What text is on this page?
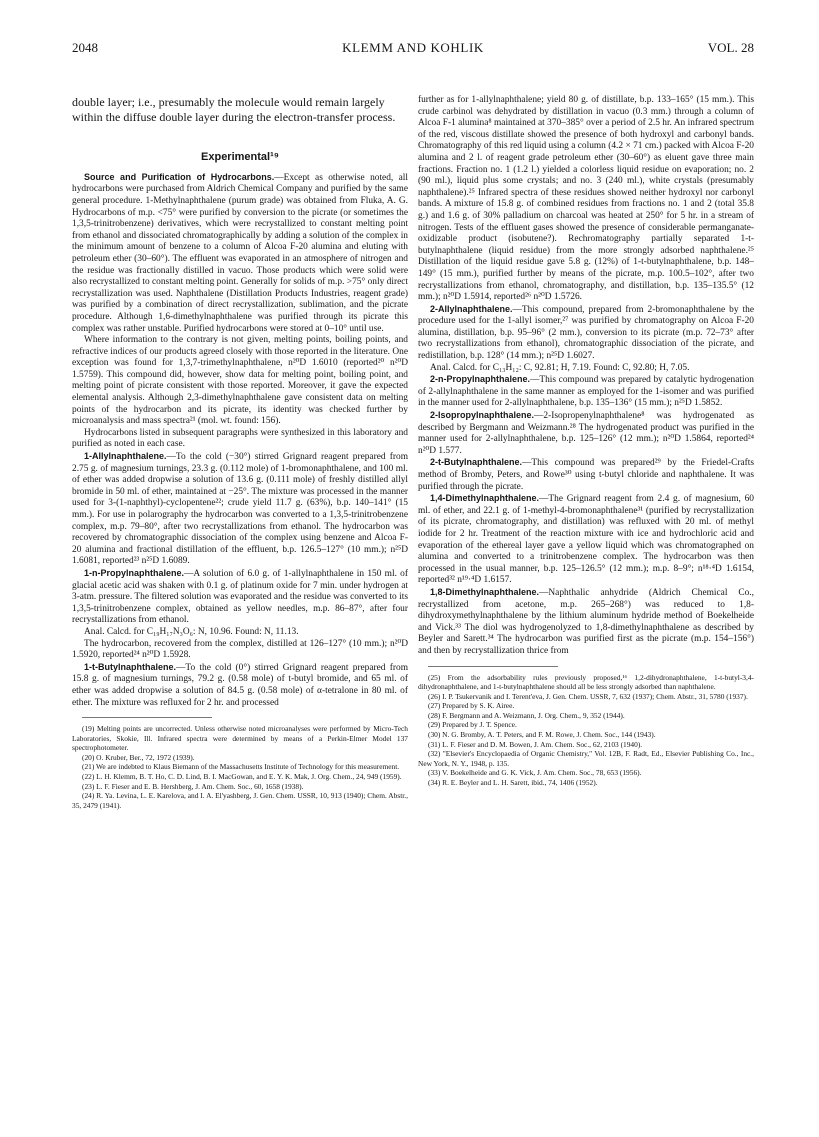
2048	KLEMM AND KOHLIK	VOL. 28

double layer; i.e., presumably the molecule would remain largely within the diffuse double layer during the electron-transfer process.

Experimental¹⁹

Source and Purification of Hydrocarbons.—Except as otherwise noted, all hydrocarbons were purchased from Aldrich Chemical Company and purified by the same general procedure. 1-Methylnaphthalene (purum grade) was obtained from Fluka, A. G. Hydrocarbons of m.p. <75° were purified by conversion to the picrate (or sometimes the 1,3,5-trinitrobenzene) derivatives, which were recrystallized to constant melting point from ethanol and dissociated chromatographically by adding a solution of the complex in the minimum amount of benzene to a column of Alcoa F-20 alumina and eluting with petroleum ether (30–60°). The effluent was evaporated in an atmosphere of nitrogen and the residue was fractionally distilled in vacuo. Those products which were solid were also recrystallized to constant melting point. Generally for solids of m.p. >75° only direct recrystallization was used. Naphthalene (Distillation Products Industries, reagent grade) was purified by a combination of direct recrystallization, sublimation, and the picrate procedure. Although 1,6-dimethylnaphthalene was purified through its picrate this complex was rather unstable. Purified hydrocarbons were stored at 0–10° until use.

Where information to the contrary is not given, melting points, boiling points, and refractive indices of our products agreed closely with those reported in the literature. One exception was found for 1,3,7-trimethylnaphthalene, n²⁰D 1.6010 (reported²⁰ n²⁰D 1.5759). This compound did, however, show data for melting point, boiling point, and melting point of picrate consistent with those reported. Moreover, it gave the expected elemental analysis. Although 2,3-dimethylnaphthalene gave consistent data on melting points of the hydrocarbon and its picrate, its identity was checked further by microanalysis and mass spectra²¹ (mol. wt. found: 156).

Hydrocarbons listed in subsequent paragraphs were synthesized in this laboratory and purified as noted in each case.

1-Allylnaphthalene.—To the cold (−30°) stirred Grignard reagent prepared from 2.75 g. of magnesium turnings, 23.3 g. (0.112 mole) of 1-bromonaphthalene, and 100 ml. of ether was added dropwise a solution of 13.6 g. (0.111 mole) of freshly distilled allyl bromide in 50 ml. of ether, maintained at −25°. The mixture was processed in the manner used for 3-(1-naphthyl)-cyclopentene²²; crude yield 11.7 g. (63%), b.p. 140–141° (15 mm.). For use in polarography the hydrocarbon was converted to a 1,3,5-trinitrobenzene complex, m.p. 79–80°, after two recrystallizations from ethanol. The hydrocarbon was recovered by chromatographic dissociation of the complex using benzene and Alcoa F-20 alumina and fractional distillation of the effluent, b.p. 126.5–127° (10 mm.); n²⁵D 1.6081, reported²³ n²⁵D 1.6089.

1-n-Propylnaphthalene.—A solution of 6.0 g. of 1-allylnaphthalene in 150 ml. of glacial acetic acid was shaken with 0.1 g. of platinum oxide for 7 min. under hydrogen at 3-atm. pressure. The filtered solution was evaporated and the residue was converted to its 1,3,5-trinitrobenzene complex, obtained as yellow needles, m.p. 86–87°, after four recrystallizations from ethanol.

Anal. Calcd. for C₁₉H₁₇N₃O₆: N, 10.96. Found: N, 11.13.

The hydrocarbon, recovered from the complex, distilled at 126–127° (10 mm.); n²⁰D 1.5920, reported²⁴ n²⁰D 1.5928.

1-t-Butylnaphthalene.—To the cold (0°) stirred Grignard reagent prepared from 15.8 g. of magnesium turnings, 79.2 g. (0.58 mole) of t-butyl bromide, and 65 ml. of ether was added dropwise a solution of 84.5 g. (0.58 mole) of α-tetralone in 80 ml. of ether. The mixture was refluxed for 2 hr. and processed

(19) Melting points are uncorrected. Unless otherwise noted microanalyses were performed by Micro-Tech Laboratories, Skokie, Ill. Infrared spectra were determined by means of a Perkin-Elmer Model 137 spectrophotometer.

(20) O. Kruber, Ber., 72, 1972 (1939).

(21) We are indebted to Klaus Biemann of the Massachusetts Institute of Technology for this measurement.

(22) L. H. Klemm, B. T. Ho, C. D. Lind, B. I. MacGowan, and E. Y. K. Mak, J. Org. Chem., 24, 949 (1959).

(23) L. F. Fieser and E. B. Hershberg, J. Am. Chem. Soc., 60, 1658 (1938).

(24) R. Ya. Levina, L. E. Karelova, and I. A. El'yashberg, J. Gen. Chem. USSR, 10, 913 (1940); Chem. Abstr., 35, 2479 (1941).

further as for 1-allylnaphthalene; yield 80 g. of distillate, b.p. 133–165° (15 mm.). This crude carbinol was dehydrated by distillation in vacuo (0.3 mm.) through a column of Alcoa F-1 alumina⁸ maintained at 370–385° over a period of 2.5 hr. An infrared spectrum of the red, viscous distillate showed the presence of both hydroxyl and carbonyl bands. Chromatography of this red liquid using a column (4.2 × 71 cm.) packed with Alcoa F-20 alumina and 2 l. of reagent grade petroleum ether (30–60°) as eluent gave three main fractions. Fraction no. 1 (1.2 l.) yielded a colorless liquid residue on evaporation; no. 2 (90 ml.), liquid plus some crystals; and no. 3 (240 ml.), white crystals (presumably naphthalene).²⁵ Infrared spectra of these residues showed neither hydroxyl nor carbonyl bands. A mixture of 15.8 g. of combined residues from fractions no. 1 and 2 (total 35.8 g.) and 1.6 g. of 30% palladium on charcoal was heated at 250° for 5 hr. in a stream of nitrogen. Tests of the effluent gases showed the presence of considerable permanganate-oxidizable product (isobutene?). Rechromatography partially separated 1-t-butylnaphthalene (liquid residue) from the more strongly adsorbed naphthalene.²⁵ Distillation of the liquid residue gave 5.8 g. (12%) of 1-t-butylnaphthalene, b.p. 148–149° (15 mm.), purified further by means of the picrate, m.p. 100.5–102°, after two recrystallizations from ethanol, chromatography, and distillation, b.p. 135–135.5° (12 mm.); n²⁰D 1.5914, reported²⁶ n²⁰D 1.5726.

2-Allylnaphthalene.—This compound, prepared from 2-bromonaphthalene by the procedure used for the 1-allyl isomer,²⁷ was purified by chromatography on Alcoa F-20 alumina, distillation, b.p. 95–96° (2 mm.), conversion to its picrate (m.p. 72–73° after two recrystallizations from ethanol), chromatographic dissociation of the picrate, and redistillation, b.p. 128° (14 mm.); n²⁵D 1.6027.

Anal. Calcd. for C₁₃H₁₂: C, 92.81; H, 7.19. Found: C, 92.80; H, 7.05.

2-n-Propylnaphthalene.—This compound was prepared by catalytic hydrogenation of 2-allylnaphthalene in the same manner as employed for the 1-isomer and was purified in the manner used for 2-allylnaphthalene, b.p. 135–136° (15 mm.); n²⁵D 1.5852.

2-Isopropylnaphthalene.—2-Isopropenylnaphthalene⁸ was hydrogenated as described by Bergmann and Weizmann.²⁸ The hydrogenated product was purified in the manner used for 2-allylnaphthalene, b.p. 125–126° (12 mm.); n²⁰D 1.5864, reported²⁴ n²⁰D 1.577.

2-t-Butylnaphthalene.—This compound was prepared²⁹ by the Friedel-Crafts method of Bromby, Peters, and Rowe³⁰ using t-butyl chloride and naphthalene. It was purified through the picrate.

1,4-Dimethylnaphthalene.—The Grignard reagent from 2.4 g. of magnesium, 60 ml. of ether, and 22.1 g. of 1-methyl-4-bromonaphthalene³¹ (purified by recrystallization of its picrate, chromatography, and distillation) was refluxed with 20 ml. of methyl iodide for 2 hr. Treatment of the reaction mixture with ice and hydrochloric acid and evaporation of the ethereal layer gave a yellow liquid which was chromatographed on alumina and converted to a trinitrobenzene complex. The hydrocarbon was then processed in the usual manner, b.p. 125–126.5° (12 mm.); m.p. 8–9°; n¹⁸·⁴D 1.6154, reported³² n¹⁹·⁴D 1.6157.

1,8-Dimethylnaphthalene.—Naphthalic anhydride (Aldrich Chemical Co., recrystallized from acetone, m.p. 265–268°) was reduced to 1,8-dihydroxymethylnaphthalene by the lithium aluminum hydride method of Boekelheide and Vick.³³ The diol was hydrogenolyzed to 1,8-dimethylnaphthalene as described by Beyler and Sarett.³⁴ The hydrocarbon was purified first as the picrate (m.p. 154–156°) and then by recrystallization thrice from

(25) From the adsorbability rules previously proposed,¹⁶ 1,2-dihydronaphthalene, 1-t-butyl-3,4-dihydronaphthalene, and 1-t-butylnaphthalene should all be less strongly adsorbed than naphthalene.

(26) I. P. Tsukervanik and I. Terent'eva, J. Gen. Chem. USSR, 7, 632 (1937); Chem. Abstr., 31, 5780 (1937).

(27) Prepared by S. K. Airee.

(28) F. Bergmann and A. Weizmann, J. Org. Chem., 9, 352 (1944).

(29) Prepared by J. T. Spence.

(30) N. G. Bromby, A. T. Peters, and F. M. Rowe, J. Chem. Soc., 144 (1943).

(31) L. F. Fieser and D. M. Bowen, J. Am. Chem. Soc., 62, 2103 (1940).

(32) "Elsevier's Encyclopaedia of Organic Chemistry," Vol. 12B, F. Radt, Ed., Elsevier Publishing Co., Inc., New York, N. Y., 1948, p. 135.

(33) V. Boekelheide and G. K. Vick, J. Am. Chem. Soc., 78, 653 (1956).

(34) R. E. Beyler and L. H. Sarett, ibid., 74, 1406 (1952).
